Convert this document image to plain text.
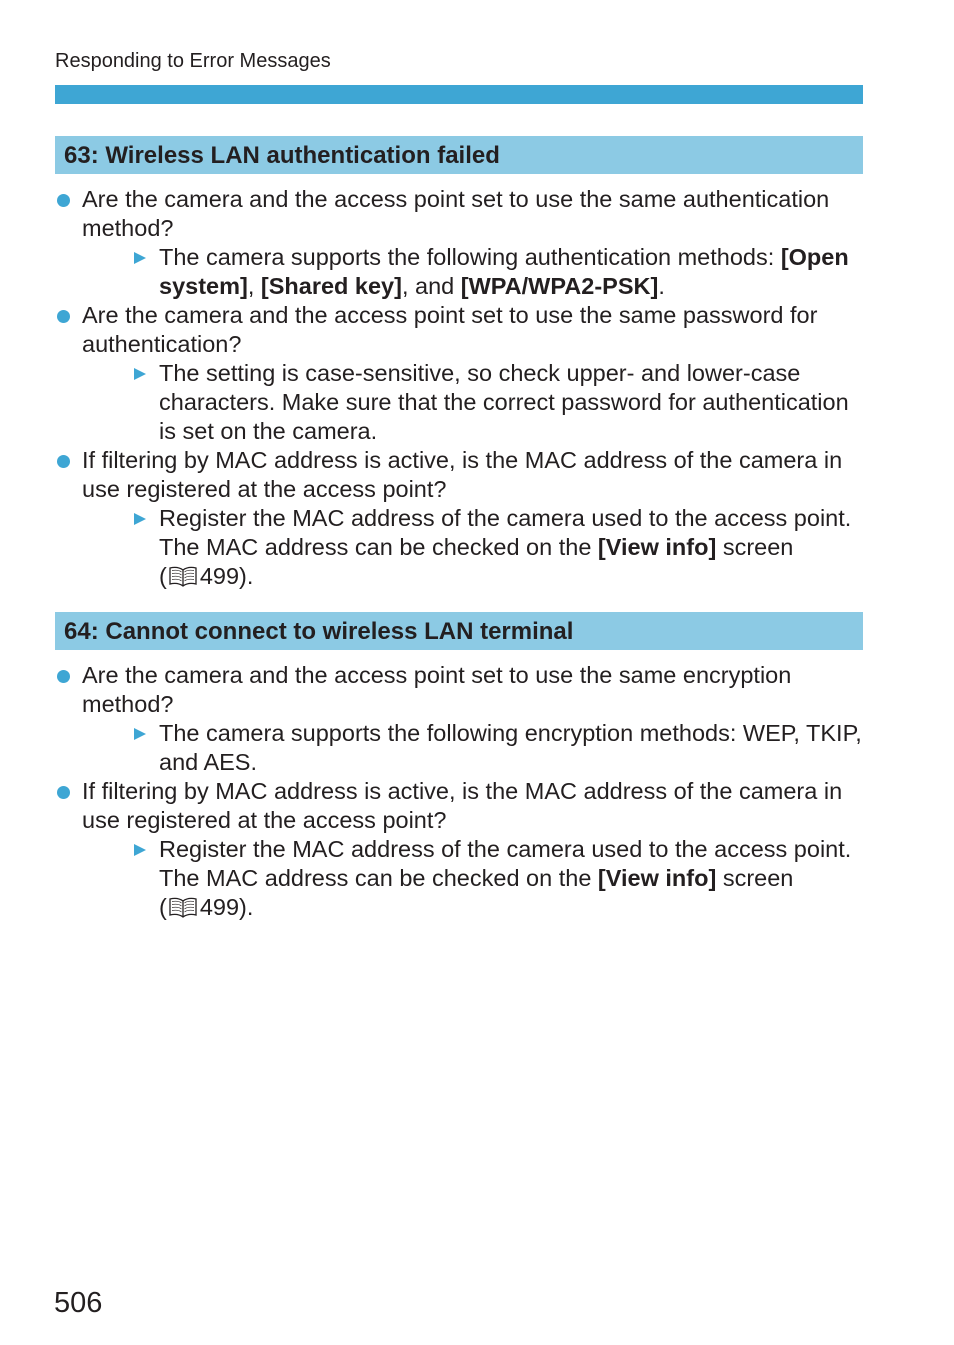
Responding to Error Messages
63: Wireless LAN authentication failed
Are the camera and the access point set to use the same authentication method?
The camera supports the following authentication methods: [Open system], [Shared key], and [WPA/WPA2-PSK].
Are the camera and the access point set to use the same password for authentication?
The setting is case-sensitive, so check upper- and lower-case characters. Make sure that the correct password for authentication is set on the camera.
If filtering by MAC address is active, is the MAC address of the camera in use registered at the access point?
Register the MAC address of the camera used to the access point. The MAC address can be checked on the [View info] screen
( 499).
64: Cannot connect to wireless LAN terminal
Are the camera and the access point set to use the same encryption method?
The camera supports the following encryption methods: WEP, TKIP, and AES.
If filtering by MAC address is active, is the MAC address of the camera in use registered at the access point?
Register the MAC address of the camera used to the access point. The MAC address can be checked on the [View info] screen
( 499).
506
